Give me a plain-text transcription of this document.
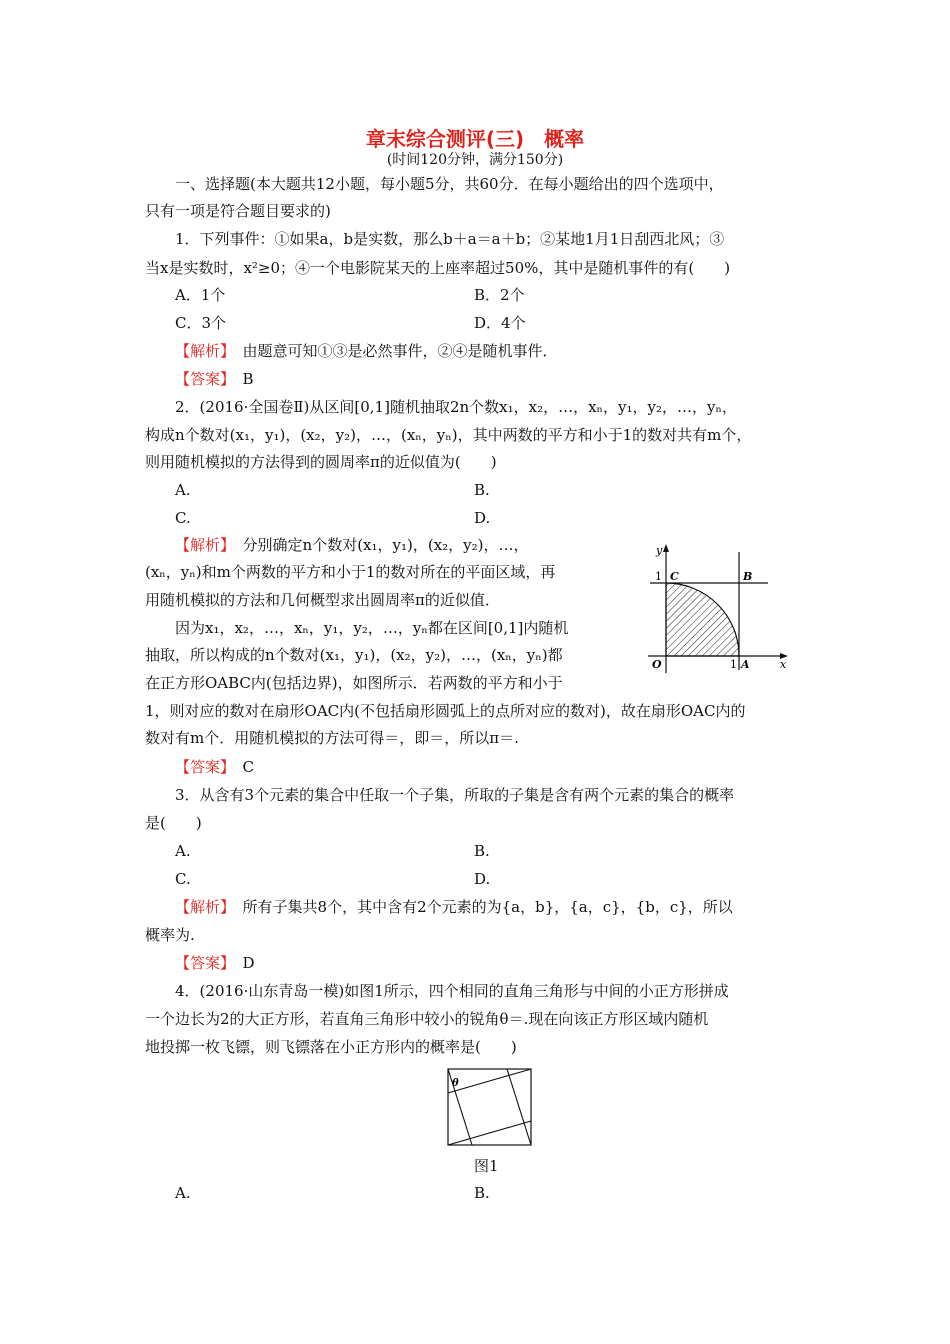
章末综合测评(三)　概率
(时间120分钟，满分150分)
一、选择题(本大题共12小题，每小题5分，共60分．在每小题给出的四个选项中，
只有一项是符合题目要求的)
1．下列事件：①如果a，b是实数，那么b＋a＝a＋b；②某地1月1日刮西北风；③
当x是实数时，x²≥0；④一个电影院某天的上座率超过50%，其中是随机事件的有(　　)
A．1个	B．2个
C．3个	D．4个
【解析】　 由题意可知①③是必然事件，②④是随机事件．
【答案】　 B
2．(2016·全国卷Ⅱ)从区间[0,1]随机抽取2n个数x₁，x₂，…，xₙ，y₁，y₂，…，yₙ，
构成n个数对(x₁，y₁)，(x₂，y₂)，…，(xₙ，yₙ)，其中两数的平方和小于1的数对共有m个，
则用随机模拟的方法得到的圆周率π的近似值为(　　)
A.	B.
C.	D.
【解析】　 分别确定n个数对(x₁，y₁)，(x₂，y₂)，…，
(xₙ，yₙ)和m个两数的平方和小于1的数对所在的平面区域，再
用随机模拟的方法和几何概型求出圆周率π的近似值．
因为x₁，x₂，…，xₙ，y₁，y₂，…，yₙ都在区间[0,1]内随机
抽取，所以构成的n个数对(x₁，y₁)，(x₂，y₂)，…，(xₙ，yₙ)都
在正方形OABC内(包括边界)，如图所示．若两数的平方和小于
1，则对应的数对在扇形OAC内(不包括扇形圆弧上的点所对应的数对)，故在扇形OAC内的
数对有m个．用随机模拟的方法可得＝，即＝，所以π＝.
【答案】　 C
y
x
1 C	B
O	1 A
3．从含有3个元素的集合中任取一个子集，所取的子集是含有两个元素的集合的概率
是(　　)
A.	B.
C.	D.
【解析】　 所有子集共8个，其中含有2个元素的为{a，b}，{a，c}，{b，c}，所以
概率为.
【答案】　 D
4．(2016·山东青岛一模)如图1所示，四个相同的直角三角形与中间的小正方形拼成
一个边长为2的大正方形，若直角三角形中较小的锐角θ＝.现在向该正方形区域内随机
地投掷一枚飞镖，则飞镖落在小正方形内的概率是(　　)
θ
图1
A.	B.
